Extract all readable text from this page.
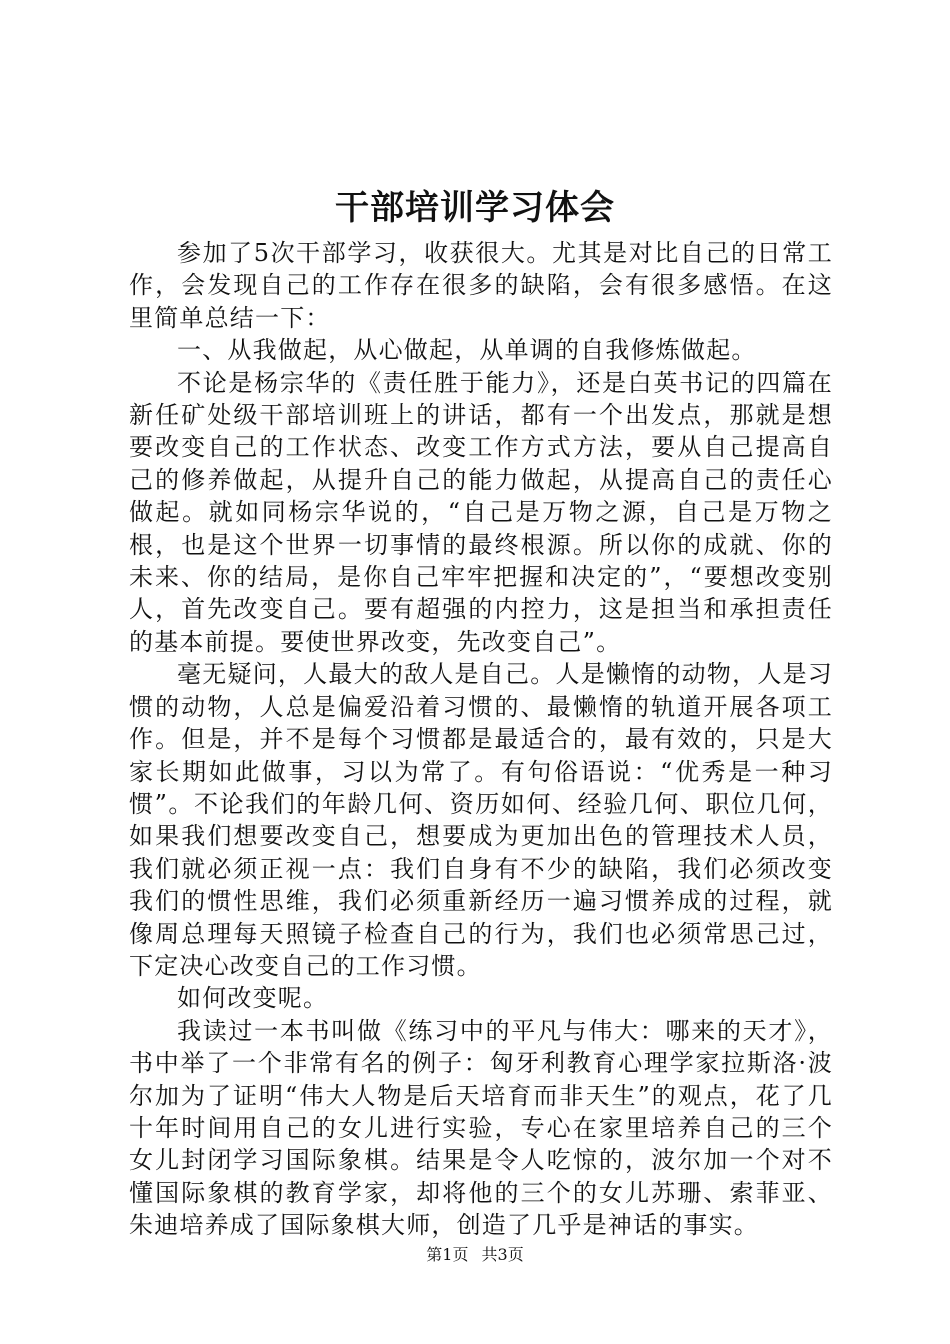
干部培训学习体会

参加了5次干部学习，收获很大。尤其是对比自己的日常工作，会发现自己的工作存在很多的缺陷，会有很多感悟。在这里简单总结一下：

一、从我做起，从心做起，从单调的自我修炼做起。

不论是杨宗华的《责任胜于能力》，还是白英书记的四篇在新任矿处级干部培训班上的讲话，都有一个出发点，那就是想要改变自己的工作状态、改变工作方式方法，要从自己提高自己的修养做起，从提升自己的能力做起，从提高自己的责任心做起。就如同杨宗华说的，“自己是万物之源，自己是万物之根，也是这个世界一切事情的最终根源。所以你的成就、你的未来、你的结局，是你自己牢牢把握和决定的”，“要想改变别人，首先改变自己。要有超强的内控力，这是担当和承担责任的基本前提。要使世界改变，先改变自己”。

毫无疑问，人最大的敌人是自己。人是懒惰的动物，人是习惯的动物，人总是偏爱沿着习惯的、最懒惰的轨道开展各项工作。但是，并不是每个习惯都是最适合的，最有效的，只是大家长期如此做事，习以为常了。有句俗语说：“优秀是一种习惯”。不论我们的年龄几何、资历如何、经验几何、职位几何，如果我们想要改变自己，想要成为更加出色的管理技术人员，我们就必须正视一点：我们自身有不少的缺陷，我们必须改变我们的惯性思维，我们必须重新经历一遍习惯养成的过程，就像周总理每天照镜子检查自己的行为，我们也必须常思己过，下定决心改变自己的工作习惯。

如何改变呢。

我读过一本书叫做《练习中的平凡与伟大：哪来的天才》，书中举了一个非常有名的例子：匈牙利教育心理学家拉斯洛·波尔加为了证明“伟大人物是后天培育而非天生”的观点，花了几十年时间用自己的女儿进行实验，专心在家里培养自己的三个女儿封闭学习国际象棋。结果是令人吃惊的，波尔加一个对不懂国际象棋的教育学家，却将他的三个的女儿苏珊、索菲亚、朱迪培养成了国际象棋大师，创造了几乎是神话的事实。

第1页 共3页
